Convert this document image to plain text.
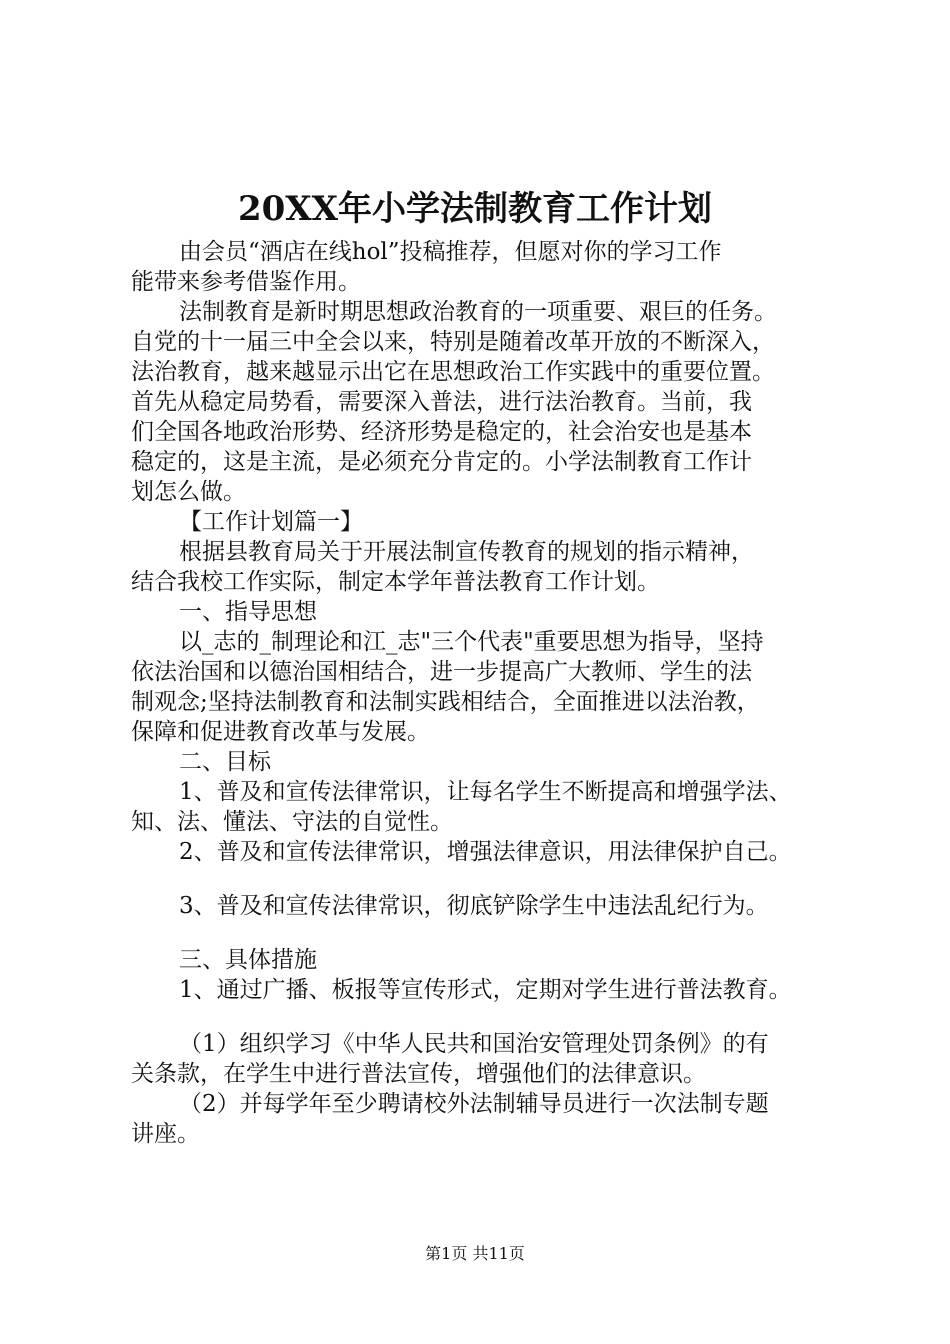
20XX年小学法制教育工作计划
由会员“酒店在线hol”投稿推荐，但愿对你的学习工作
能带来参考借鉴作用。
法制教育是新时期思想政治教育的一项重要、艰巨的任务。
自党的十一届三中全会以来，特别是随着改革开放的不断深入，
法治教育，越来越显示出它在思想政治工作实践中的重要位置。
首先从稳定局势看，需要深入普法，进行法治教育。当前，我
们全国各地政治形势、经济形势是稳定的，社会治安也是基本
稳定的，这是主流，是必须充分肯定的。小学法制教育工作计
划怎么做。
【工作计划篇一】
根据县教育局关于开展法制宣传教育的规划的指示精神，
结合我校工作实际，制定本学年普法教育工作计划。
一、指导思想
以_志的_制理论和江_志"三个代表"重要思想为指导，坚持
依法治国和以德治国相结合，进一步提高广大教师、学生的法
制观念;坚持法制教育和法制实践相结合，全面推进以法治教，
保障和促进教育改革与发展。
二、目标
1、普及和宣传法律常识，让每名学生不断提高和增强学法、
知、法、懂法、守法的自觉性。
2、普及和宣传法律常识，增强法律意识，用法律保护自己。
3、普及和宣传法律常识，彻底铲除学生中违法乱纪行为。
三、具体措施
1、通过广播、板报等宣传形式，定期对学生进行普法教育。
（1）组织学习《中华人民共和国治安管理处罚条例》的有
关条款，在学生中进行普法宣传，增强他们的法律意识。
（2）并每学年至少聘请校外法制辅导员进行一次法制专题
讲座。
第1页 共11页
